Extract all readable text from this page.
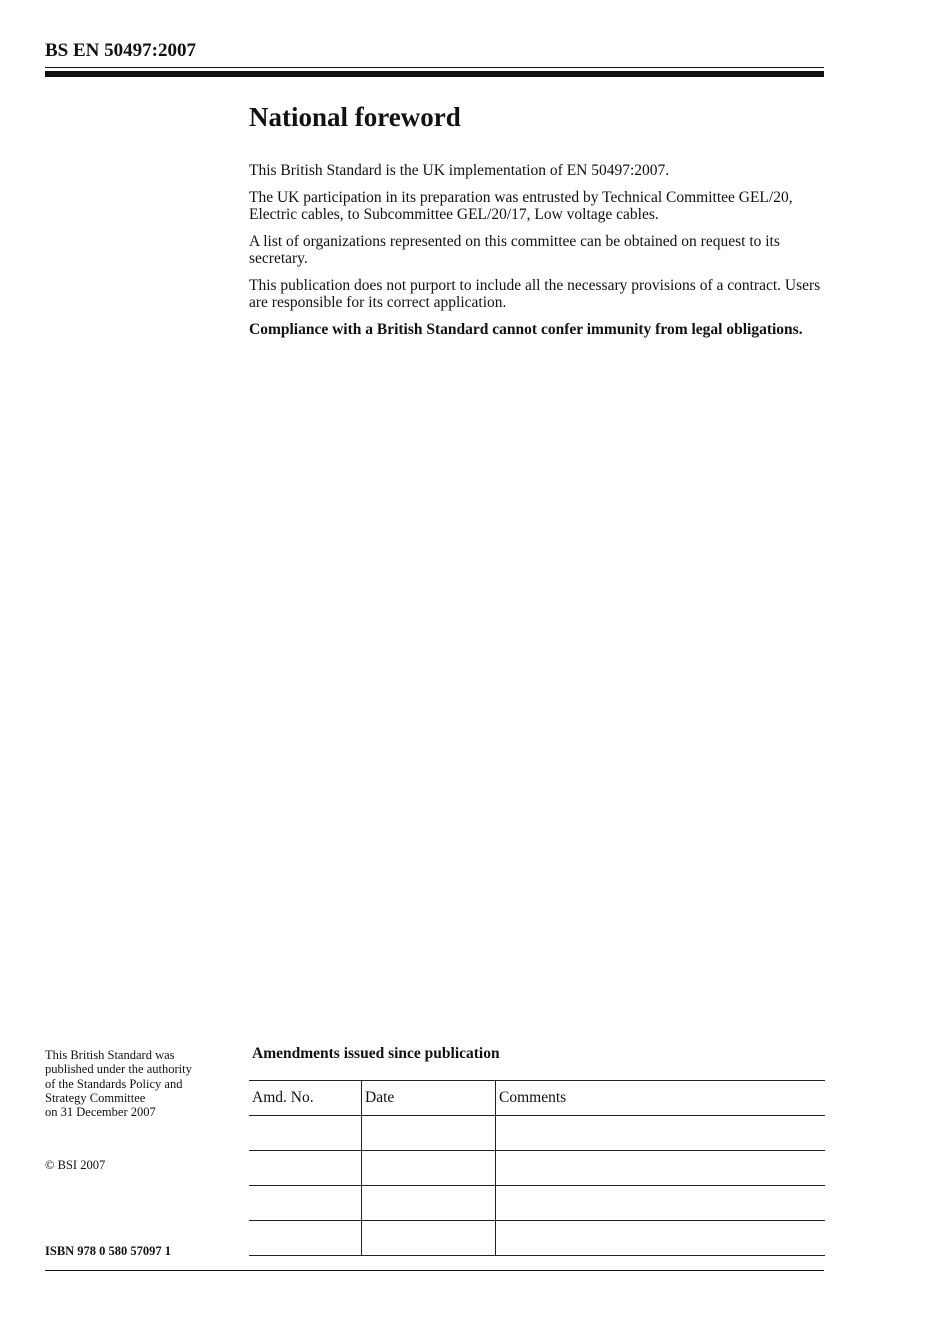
BS EN 50497:2007
National foreword

This British Standard is the UK implementation of EN 50497:2007.

The UK participation in its preparation was entrusted by Technical Committee GEL/20, Electric cables, to Subcommittee GEL/20/17, Low voltage cables.

A list of organizations represented on this committee can be obtained on request to its secretary.

This publication does not purport to include all the necessary provisions of a contract. Users are responsible for its correct application.

Compliance with a British Standard cannot confer immunity from legal obligations.

This British Standard was
published under the authority
of the Standards Policy and
Strategy Committee
on 31 December 2007

© BSI 2007

ISBN 978 0 580 57097 1

Amendments issued since publication
Amd. No.	Date	Comments
